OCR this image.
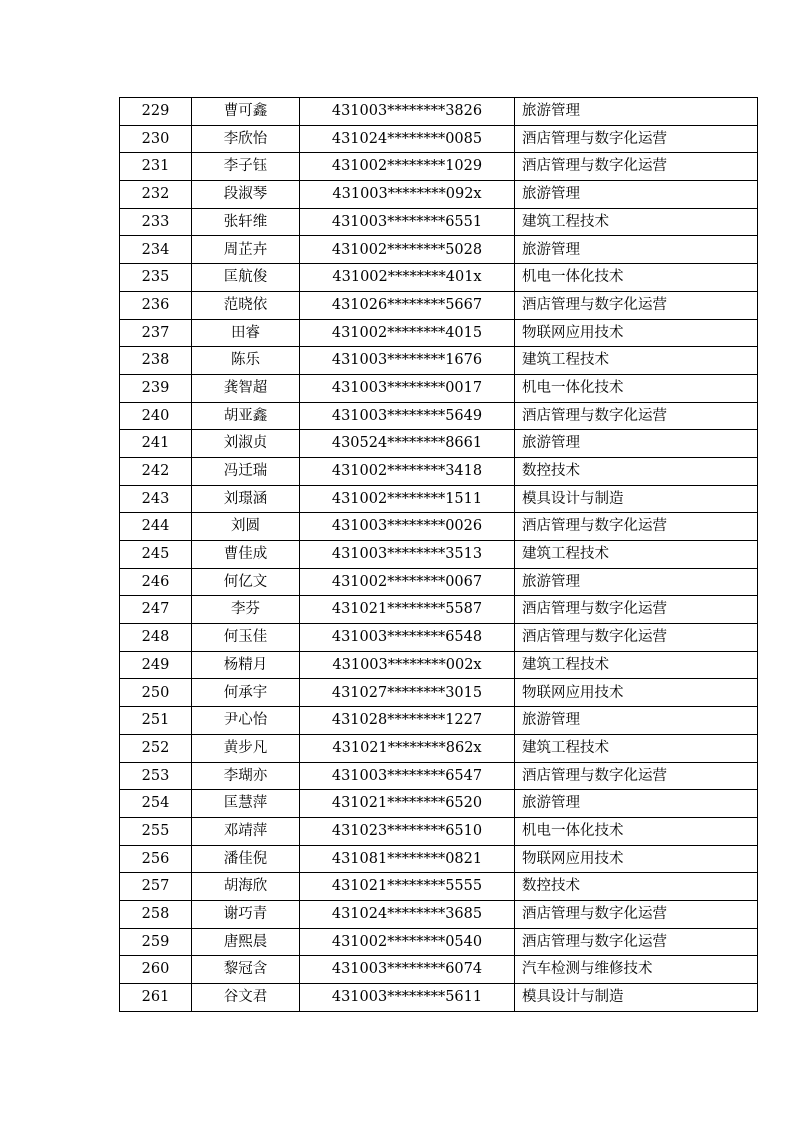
229	曹可鑫	431003********3826	旅游管理
230	李欣怡	431024********0085	酒店管理与数字化运营
231	李子钰	431002********1029	酒店管理与数字化运营
232	段淑琴	431003********092x	旅游管理
233	张轩维	431003********6551	建筑工程技术
234	周芷卉	431002********5028	旅游管理
235	匡航俊	431002********401x	机电一体化技术
236	范晓依	431026********5667	酒店管理与数字化运营
237	田睿	431002********4015	物联网应用技术
238	陈乐	431003********1676	建筑工程技术
239	龚智超	431003********0017	机电一体化技术
240	胡亚鑫	431003********5649	酒店管理与数字化运营
241	刘淑贞	430524********8661	旅游管理
242	冯迁瑞	431002********3418	数控技术
243	刘璟涵	431002********1511	模具设计与制造
244	刘圆	431003********0026	酒店管理与数字化运营
245	曹佳成	431003********3513	建筑工程技术
246	何亿文	431002********0067	旅游管理
247	李芬	431021********5587	酒店管理与数字化运营
248	何玉佳	431003********6548	酒店管理与数字化运营
249	杨精月	431003********002x	建筑工程技术
250	何承宇	431027********3015	物联网应用技术
251	尹心怡	431028********1227	旅游管理
252	黄步凡	431021********862x	建筑工程技术
253	李瑚亦	431003********6547	酒店管理与数字化运营
254	匡慧萍	431021********6520	旅游管理
255	邓靖萍	431023********6510	机电一体化技术
256	潘佳倪	431081********0821	物联网应用技术
257	胡海欣	431021********5555	数控技术
258	谢巧青	431024********3685	酒店管理与数字化运营
259	唐熙晨	431002********0540	酒店管理与数字化运营
260	黎冠含	431003********6074	汽车检测与维修技术
261	谷文君	431003********5611	模具设计与制造
